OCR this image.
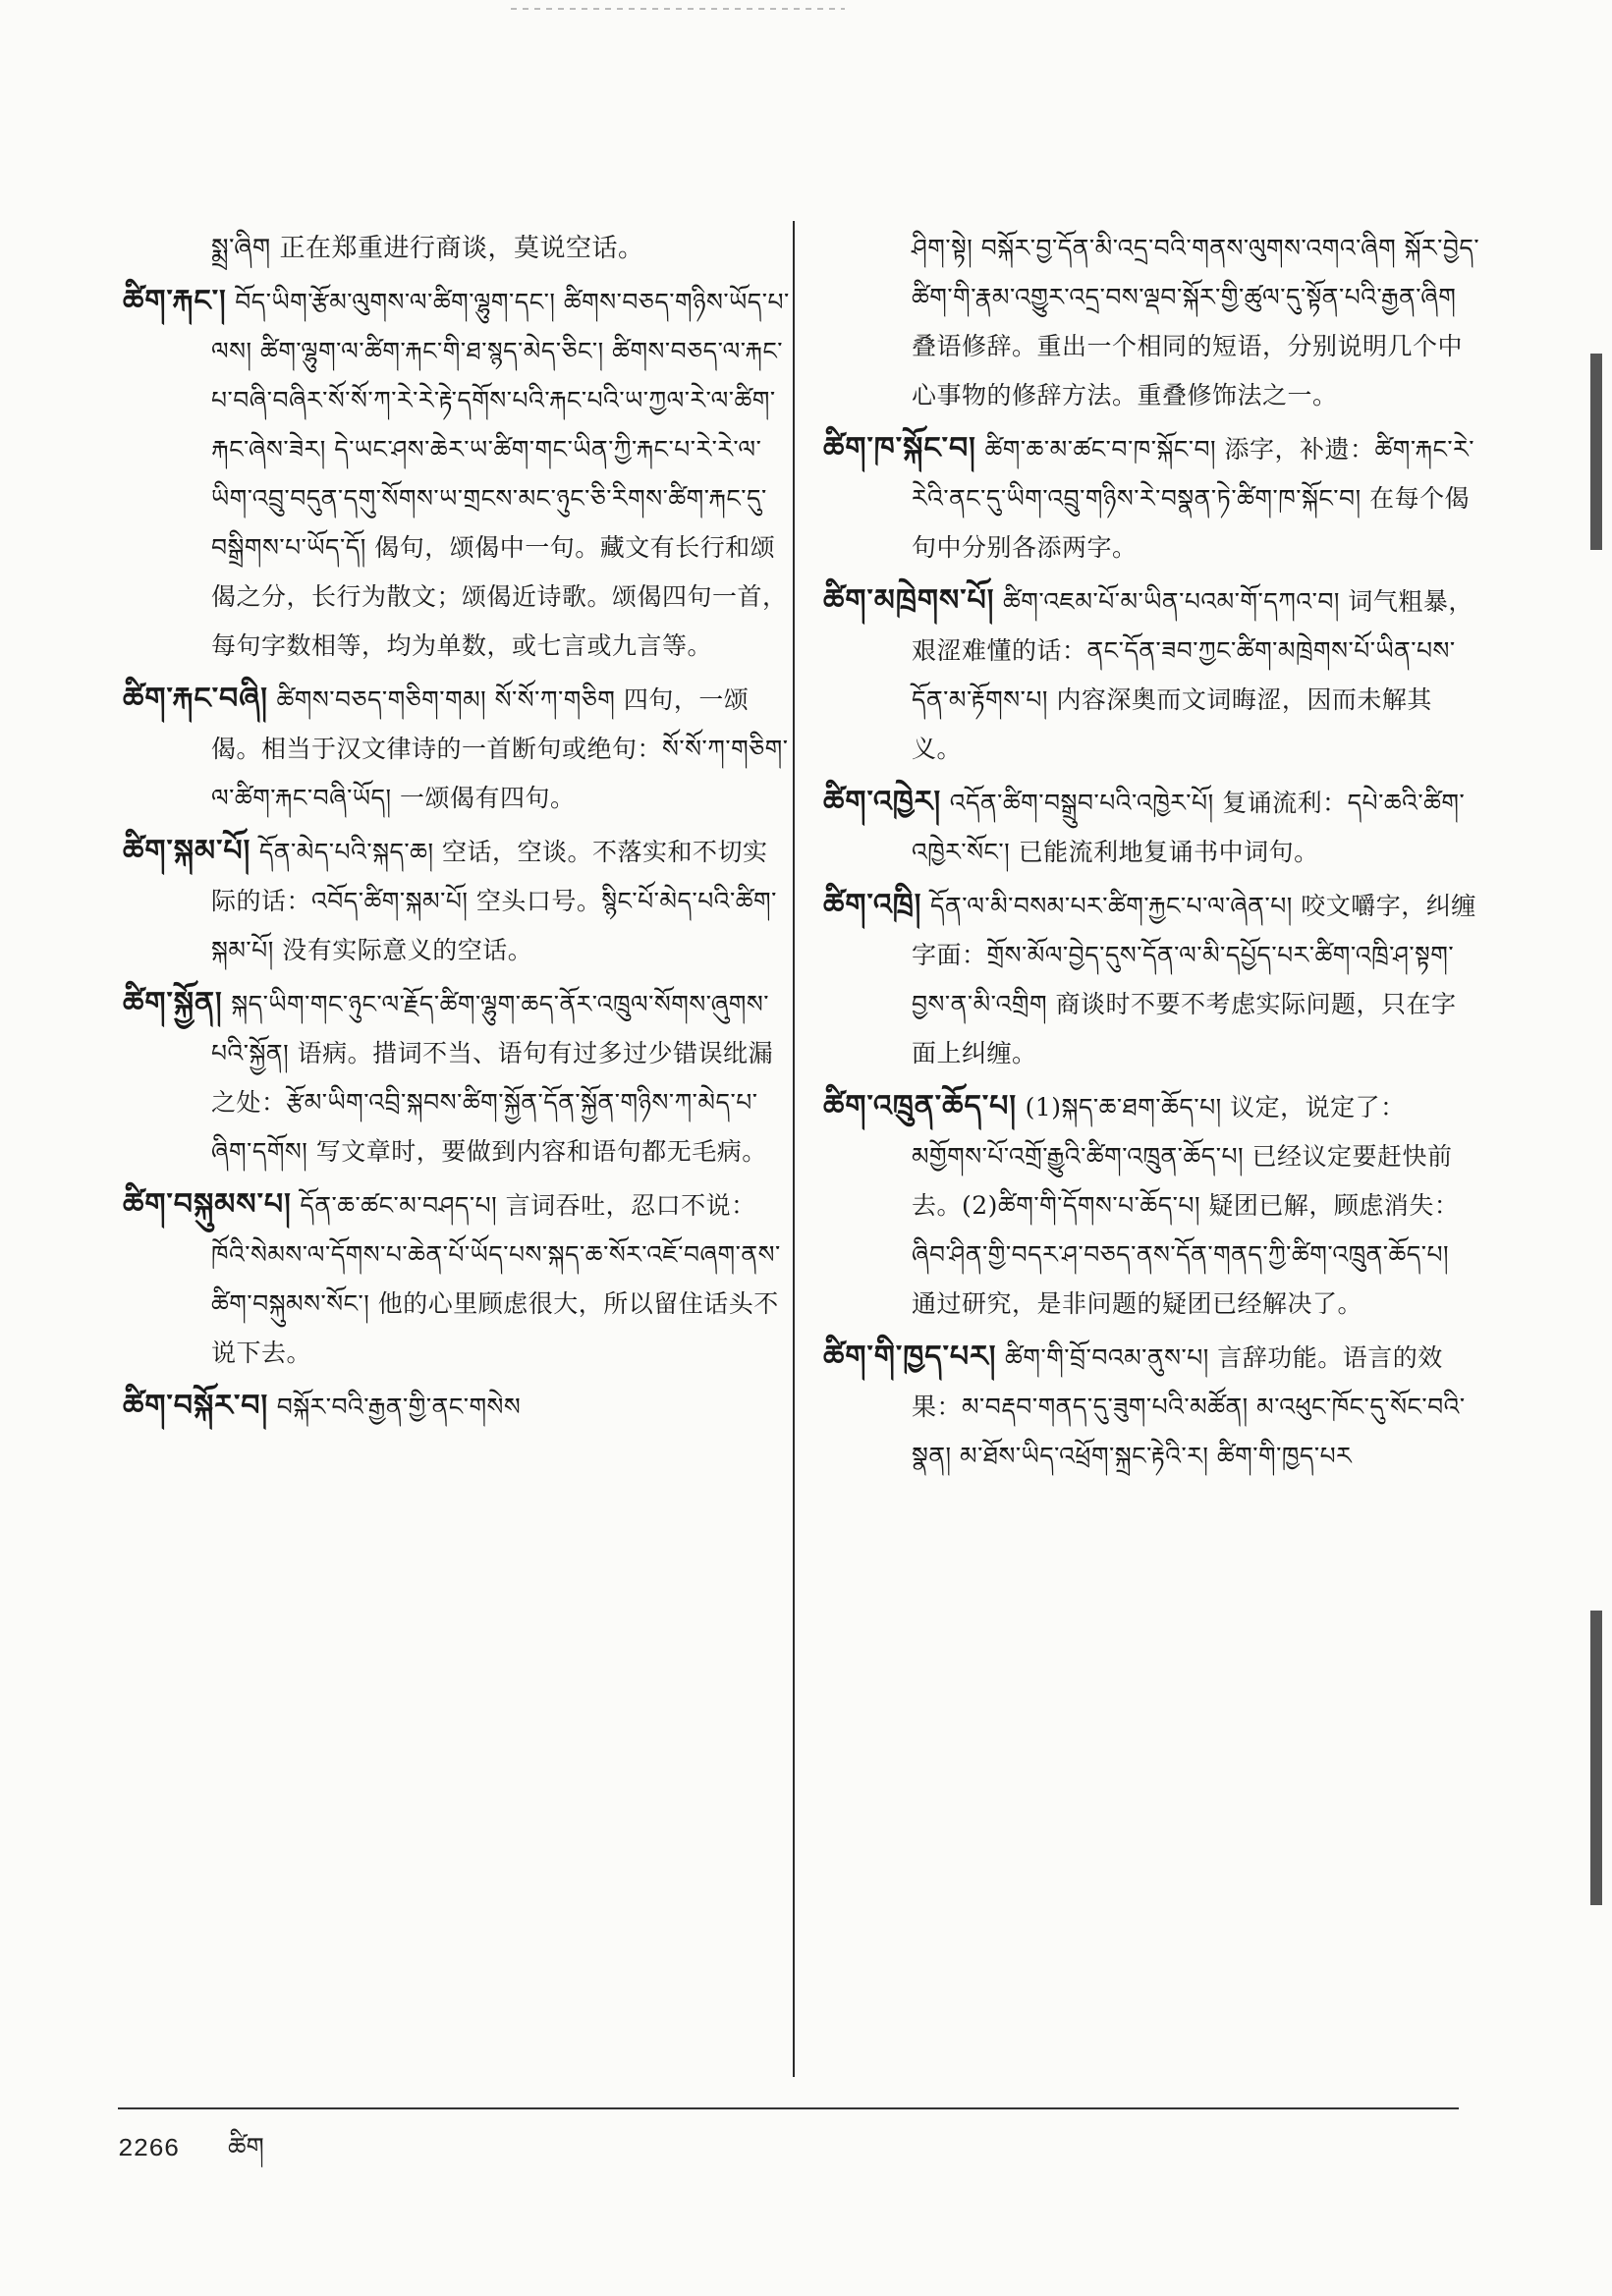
སྨྲ་ཞིག 正在郑重进行商谈，莫说空话。
ཚིག་རྐང་། བོད་ཡིག་རྩོམ་ལུགས་ལ་ཚིག་ལྷུག་དང་། ཚིགས་བཅད་གཉིས་ཡོད་པ་ལས། ཚིག་ལྷུག་ལ་ཚིག་རྐང་གི་ཐ་སྙད་མེད་ཅིང་། ཚིགས་བཅད་ལ་རྐང་པ་བཞི་བཞིར་སོ་སོ་ཀ་རེ་རེ་རྟེ་དགོས་པའི་རྐང་པའི་ཡ་ཀྱལ་རེ་ལ་ཚིག་རྐང་ཞེས་ཟེར། དེ་ཡང་ཤས་ཆེར་ཡ་ཚིག་གང་ཡིན་ཀྱི་རྐང་པ་རེ་རེ་ལ་ཡིག་འབྲུ་བདུན་དགུ་སོགས་ཡ་གྲངས་མང་ཉུང་ཅི་རིགས་ཚིག་རྐང་དུ་བསྒྲིགས་པ་ཡོད་དོ། 偈句，颂偈中一句。藏文有长行和颂偈之分，长行为散文；颂偈近诗歌。颂偈四句一首，每句字数相等，均为单数，或七言或九言等。
ཚིག་རྐང་བཞི། ཚིགས་བཅད་གཅིག་གམ། སོ་སོ་ཀ་གཅིག 四句，一颂偈。相当于汉文律诗的一首断句或绝句：སོ་སོ་ཀ་གཅིག་ལ་ཚིག་རྐང་བཞི་ཡོད། 一颂偈有四句。
ཚིག་སྐམ་པོ། དོན་མེད་པའི་སྐད་ཆ། 空话，空谈。不落实和不切实际的话：འབོད་ཚིག་སྐམ་པོ། 空头口号。སྙིང་པོ་མེད་པའི་ཚིག་སྐམ་པོ། 没有实际意义的空话。
ཚིག་སྐྱོན། སྐད་ཡིག་གང་ཉུང་ལ་རྗོད་ཚིག་ལྷུག་ཆད་ནོར་འཁྲུལ་སོགས་ཞུགས་པའི་སྐྱོན། 语病。措词不当、语句有过多过少错误纰漏之处：རྩོམ་ཡིག་འབྲི་སྐབས་ཚིག་སྐྱོན་དོན་སྐྱོན་གཉིས་ཀ་མེད་པ་ཞིག་དགོས། 写文章时，要做到内容和语句都无毛病。
ཚིག་བསྐུམས་པ། དོན་ཆ་ཚང་མ་བཤད་པ། 言词吞吐，忍口不说：ཁོའི་སེམས་ལ་དོགས་པ་ཆེན་པོ་ཡོད་པས་སྐད་ཆ་སོར་འཇོ་བཞག་ནས་ཚིག་བསྐུམས་སོང་། 他的心里顾虑很大，所以留住话头不说下去。
ཚིག་བསྐོར་བ། བསྐོར་བའི་རྒྱན་གྱི་ནང་གསེས
ཤིག་སྟེ། བསྐོར་བྱ་དོན་མི་འདྲ་བའི་གནས་ལུགས་འགའ་ཞིག སྐོར་བྱེད་ཚིག་གི་རྣམ་འགྱུར་འདྲ་བས་ལྡབ་སྐོར་གྱི་ཚུལ་དུ་སྟོན་པའི་རྒྱན་ཞིག 叠语修辞。重出一个相同的短语，分别说明几个中心事物的修辞方法。重叠修饰法之一。
ཚིག་ཁ་སྐོང་བ། ཚིག་ཆ་མ་ཚང་བ་ཁ་སྐོང་བ། 添字，补遗：ཚིག་རྐང་རེ་རེའི་ནང་དུ་ཡིག་འབྲུ་གཉིས་རེ་བསྣན་ཏེ་ཚིག་ཁ་སྐོང་བ། 在每个偈句中分别各添两字。
ཚིག་མཁྲེགས་པོ། ཚིག་འཇམ་པོ་མ་ཡིན་པའམ་གོ་དཀའ་བ། 词气粗暴，艰涩难懂的话：ནང་དོན་ཟབ་ཀྱང་ཚིག་མཁྲེགས་པོ་ཡིན་པས་དོན་མ་རྟོགས་པ། 内容深奥而文词晦涩，因而未解其义。
ཚིག་འཁྱེར། འདོན་ཚིག་བསྒྲུབ་པའི་འཁྱེར་པོ། 复诵流利：དཔེ་ཆའི་ཚིག་འཁྱེར་སོང་། 已能流利地复诵书中词句。
ཚིག་འཁྲི། དོན་ལ་མི་བསམ་པར་ཚིག་རྐྱང་པ་ལ་ཞེན་པ། 咬文嚼字，纠缠字面：གྲོས་མོལ་བྱེད་དུས་དོན་ལ་མི་དཔྱོད་པར་ཚིག་འཁྲི་ཤ་སྟག་བྱས་ན་མི་འགྲིག 商谈时不要不考虑实际问题，只在字面上纠缠。
ཚིག་འཁྲུན་ཆོད་པ། (1)སྐད་ཆ་ཐག་ཆོད་པ། 议定，说定了：མགྱོགས་པོ་འགྲོ་རྒྱུའི་ཚིག་འཁྲུན་ཆོད་པ། 已经议定要赶快前去。(2)ཚིག་གི་དོགས་པ་ཆོད་པ། 疑团已解，顾虑消失：ཞིབ་ཤིན་གྱི་བདར་ཤ་བཅད་ནས་དོན་གནད་ཀྱི་ཚིག་འཁྲུན་ཆོད་པ། 通过研究，是非问题的疑团已经解决了。
ཚིག་གི་ཁྱད་པར། ཚིག་གི་བྲོ་བའམ་ནུས་པ། 言辞功能。语言的效果：མ་བརྡབ་གནད་དུ་ཟུག་པའི་མཚོན། མ་འཕུང་ཁོང་དུ་སོང་བའི་སྣན། མ་ཐོས་ཡིད་འཕྲོག་སྐྲང་རྟེའི་ར། ཚིག་གི་ཁྱད་པར
2266 ཚིག
